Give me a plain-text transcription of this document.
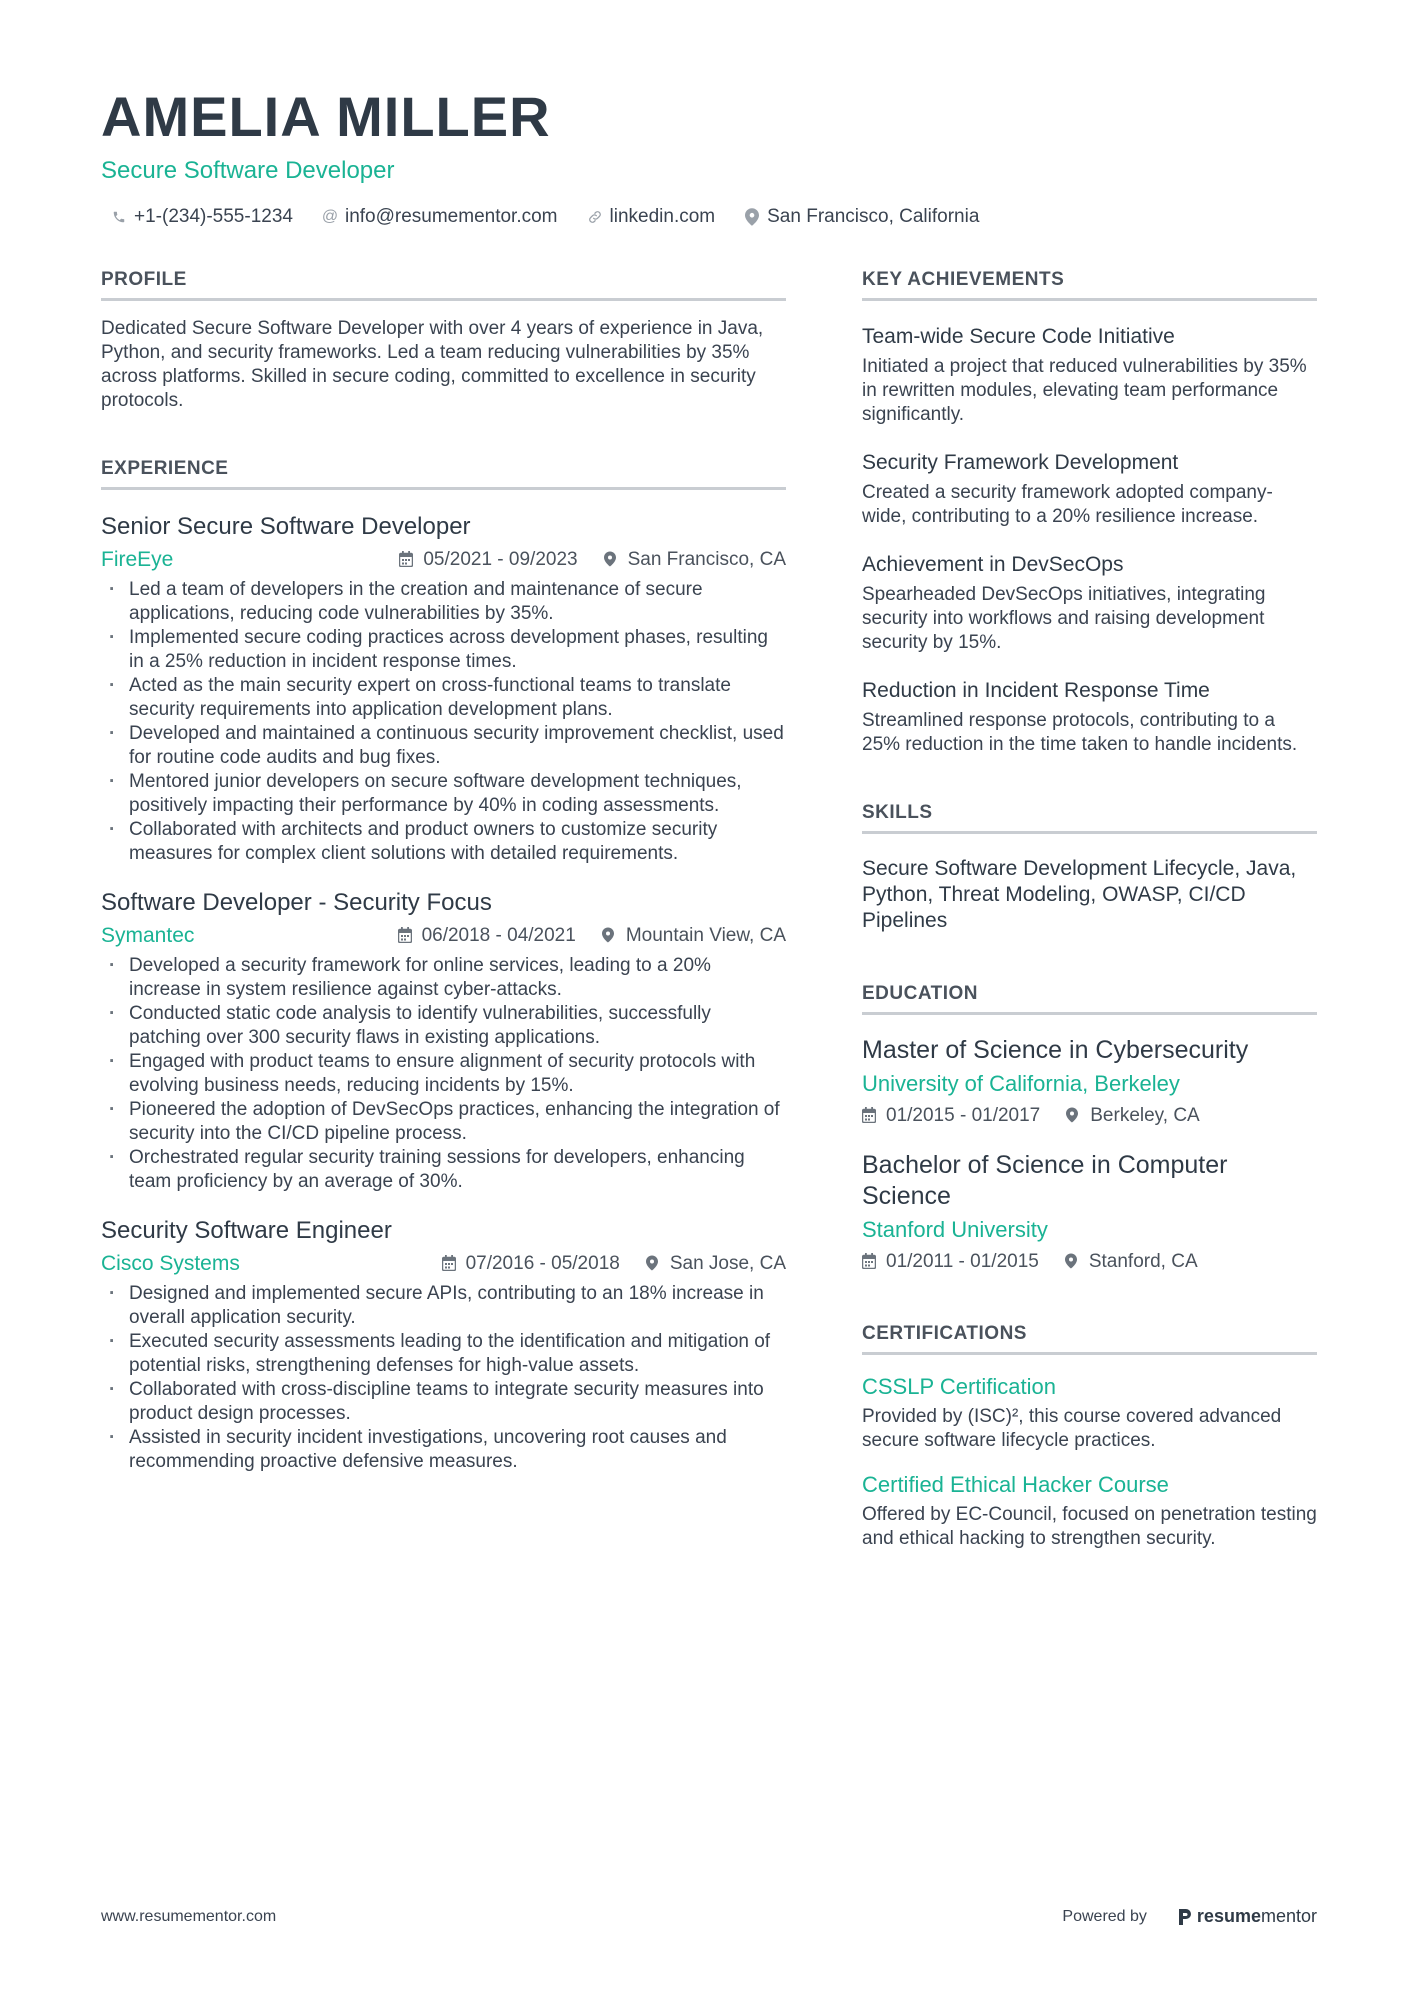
AMELIA MILLER
Secure Software Developer
+1-(234)-555-1234 @ info@resumementor.com	linkedin.com	San Francisco, California
PROFILE
Dedicated Secure Software Developer with over 4 years of experience in Java, Python, and security frameworks. Led a team reducing vulnerabilities by 35% across platforms. Skilled in secure coding, committed to excellence in security protocols.
EXPERIENCE
Senior Secure Software Developer
FireEye	05/2021 - 09/2023	San Francisco, CA
· Led a team of developers in the creation and maintenance of secure applications, reducing code vulnerabilities by 35%.
· Implemented secure coding practices across development phases, resulting in a 25% reduction in incident response times.
· Acted as the main security expert on cross-functional teams to translate security requirements into application development plans.
· Developed and maintained a continuous security improvement checklist, used for routine code audits and bug fixes.
· Mentored junior developers on secure software development techniques, positively impacting their performance by 40% in coding assessments.
· Collaborated with architects and product owners to customize security measures for complex client solutions with detailed requirements.
Software Developer - Security Focus
Symantec	06/2018 - 04/2021	Mountain View, CA
· Developed a security framework for online services, leading to a 20% increase in system resilience against cyber-attacks.
· Conducted static code analysis to identify vulnerabilities, successfully patching over 300 security flaws in existing applications.
· Engaged with product teams to ensure alignment of security protocols with evolving business needs, reducing incidents by 15%.
· Pioneered the adoption of DevSecOps practices, enhancing the integration of security into the CI/CD pipeline process.
· Orchestrated regular security training sessions for developers, enhancing team proficiency by an average of 30%.
Security Software Engineer
Cisco Systems	07/2016 - 05/2018	San Jose, CA
· Designed and implemented secure APIs, contributing to an 18% increase in overall application security.
· Executed security assessments leading to the identification and mitigation of potential risks, strengthening defenses for high-value assets.
· Collaborated with cross-discipline teams to integrate security measures into product design processes.
· Assisted in security incident investigations, uncovering root causes and recommending proactive defensive measures.
KEY ACHIEVEMENTS
Team-wide Secure Code Initiative
Initiated a project that reduced vulnerabilities by 35% in rewritten modules, elevating team performance significantly.
Security Framework Development
Created a security framework adopted company-wide, contributing to a 20% resilience increase.
Achievement in DevSecOps
Spearheaded DevSecOps initiatives, integrating security into workflows and raising development security by 15%.
Reduction in Incident Response Time
Streamlined response protocols, contributing to a 25% reduction in the time taken to handle incidents.
SKILLS
Secure Software Development Lifecycle, Java, Python, Threat Modeling, OWASP, CI/CD Pipelines
EDUCATION
Master of Science in Cybersecurity
University of California, Berkeley
01/2015 - 01/2017	Berkeley, CA
Bachelor of Science in Computer Science
Stanford University
01/2011 - 01/2015	Stanford, CA
CERTIFICATIONS
CSSLP Certification
Provided by (ISC)², this course covered advanced secure software lifecycle practices.
Certified Ethical Hacker Course
Offered by EC-Council, focused on penetration testing and ethical hacking to strengthen security.
www.resumementor.com	Powered by	resume mentor
